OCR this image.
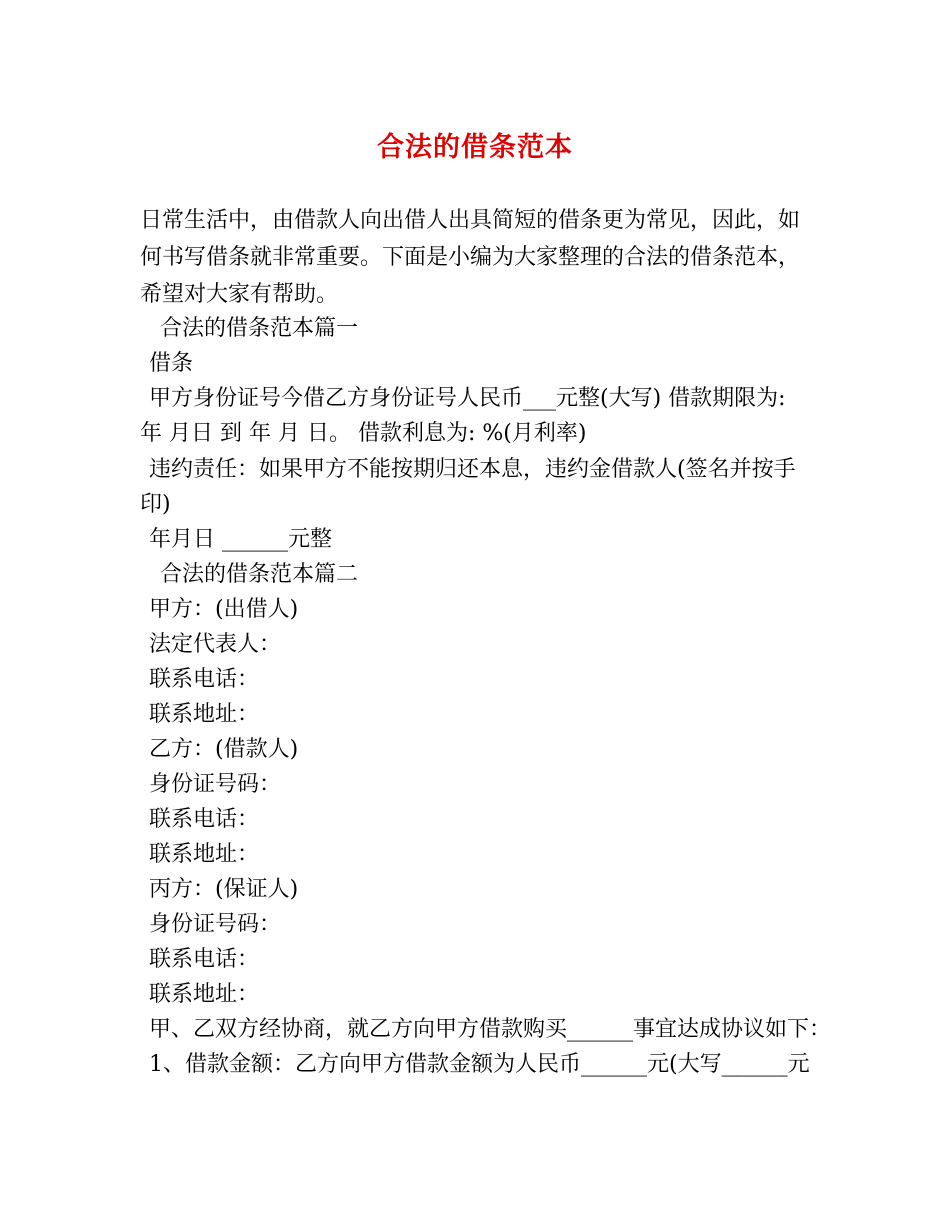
合法的借条范本

日常生活中，由借款人向出借人出具简短的借条更为常见，因此，如何书写借条就非常重要。下面是小编为大家整理的合法的借条范本，希望对大家有帮助。

合法的借条范本篇一

借条

甲方身份证号今借乙方身份证号人民币___元整(大写) 借款期限为:

年 月日 到 年 月 日。 借款利息为: %(月利率)

违约责任：如果甲方不能按期归还本息，违约金借款人(签名并按手

印)

年月日 ______元整

合法的借条范本篇二

甲方：(出借人)

法定代表人：

联系电话：

联系地址：

乙方：(借款人)

身份证号码：

联系电话：

联系地址：

丙方：(保证人)

身份证号码：

联系电话：

联系地址：

甲、乙双方经协商，就乙方向甲方借款购买______事宜达成协议如下：

1、借款金额：乙方向甲方借款金额为人民币______元(大写______元
